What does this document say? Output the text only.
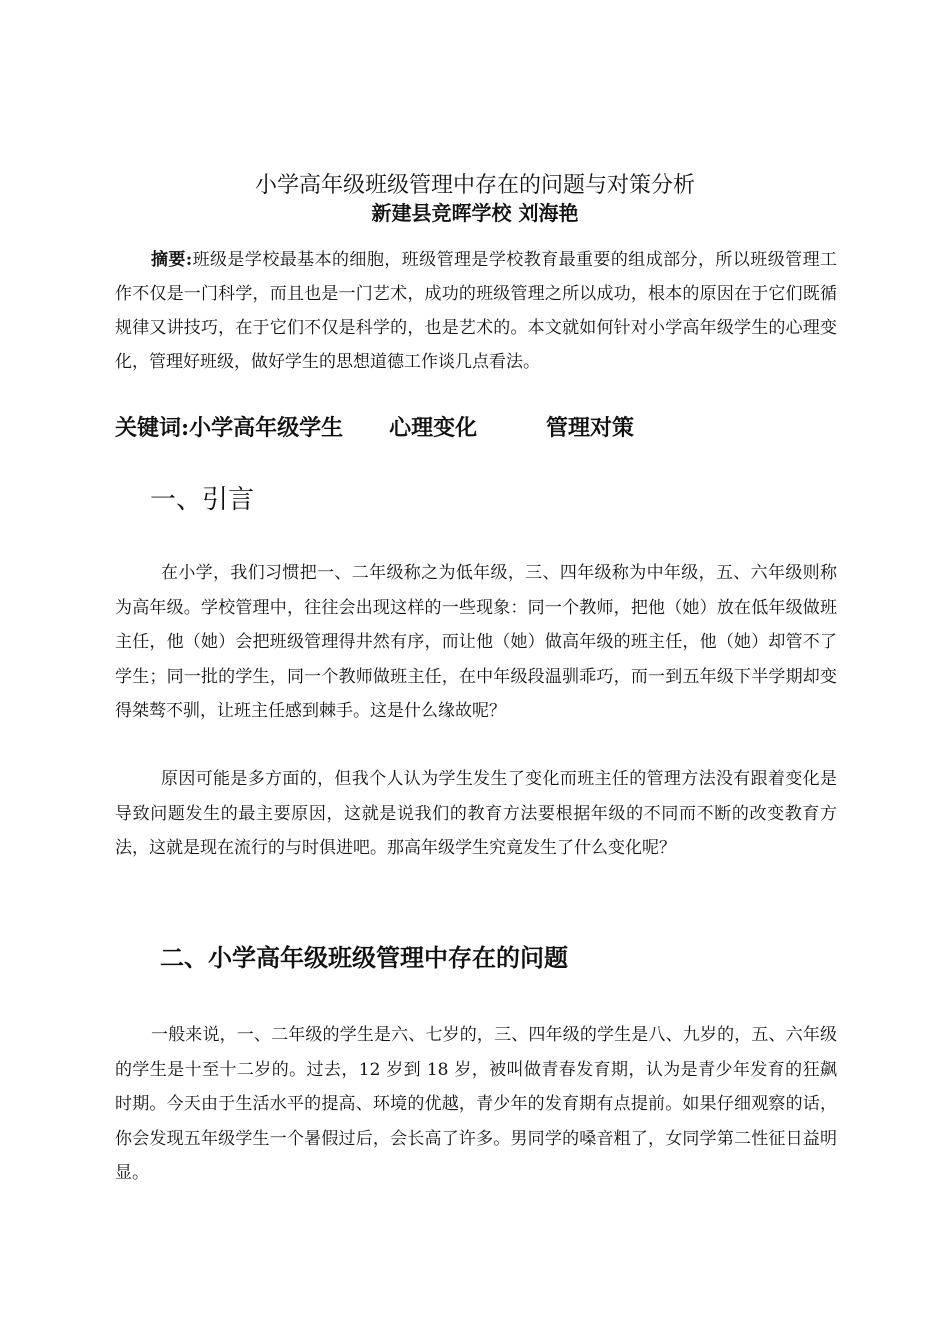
小学高年级班级管理中存在的问题与对策分析
新建县竞晖学校 刘海艳
摘要:班级是学校最基本的细胞，班级管理是学校教育最重要的组成部分，所以班级管理工作不仅是一门科学，而且也是一门艺术，成功的班级管理之所以成功，根本的原因在于它们既循规律又讲技巧，在于它们不仅是科学的，也是艺术的。本文就如何针对小学高年级学生的心理变化，管理好班级，做好学生的思想道德工作谈几点看法。
关键词:小学高年级学生      心理变化         管理对策
一、引言
在小学，我们习惯把一、二年级称之为低年级，三、四年级称为中年级，五、六年级则称为高年级。学校管理中，往往会出现这样的一些现象：同一个教师，把他（她）放在低年级做班主任，他（她）会把班级管理得井然有序，而让他（她）做高年级的班主任，他（她）却管不了学生；同一批的学生，同一个教师做班主任，在中年级段温驯乖巧，而一到五年级下半学期却变得桀骜不驯，让班主任感到棘手。这是什么缘故呢？
原因可能是多方面的，但我个人认为学生发生了变化而班主任的管理方法没有跟着变化是导致问题发生的最主要原因，这就是说我们的教育方法要根据年级的不同而不断的改变教育方法，这就是现在流行的与时俱进吧。那高年级学生究竟发生了什么变化呢？
二、小学高年级班级管理中存在的问题
一般来说，一、二年级的学生是六、七岁的，三、四年级的学生是八、九岁的，五、六年级的学生是十至十二岁的。过去，12 岁到 18 岁，被叫做青春发育期，认为是青少年发育的狂飙时期。今天由于生活水平的提高、环境的优越，青少年的发育期有点提前。如果仔细观察的话，你会发现五年级学生一个暑假过后，会长高了许多。男同学的嗓音粗了，女同学第二性征日益明显。
